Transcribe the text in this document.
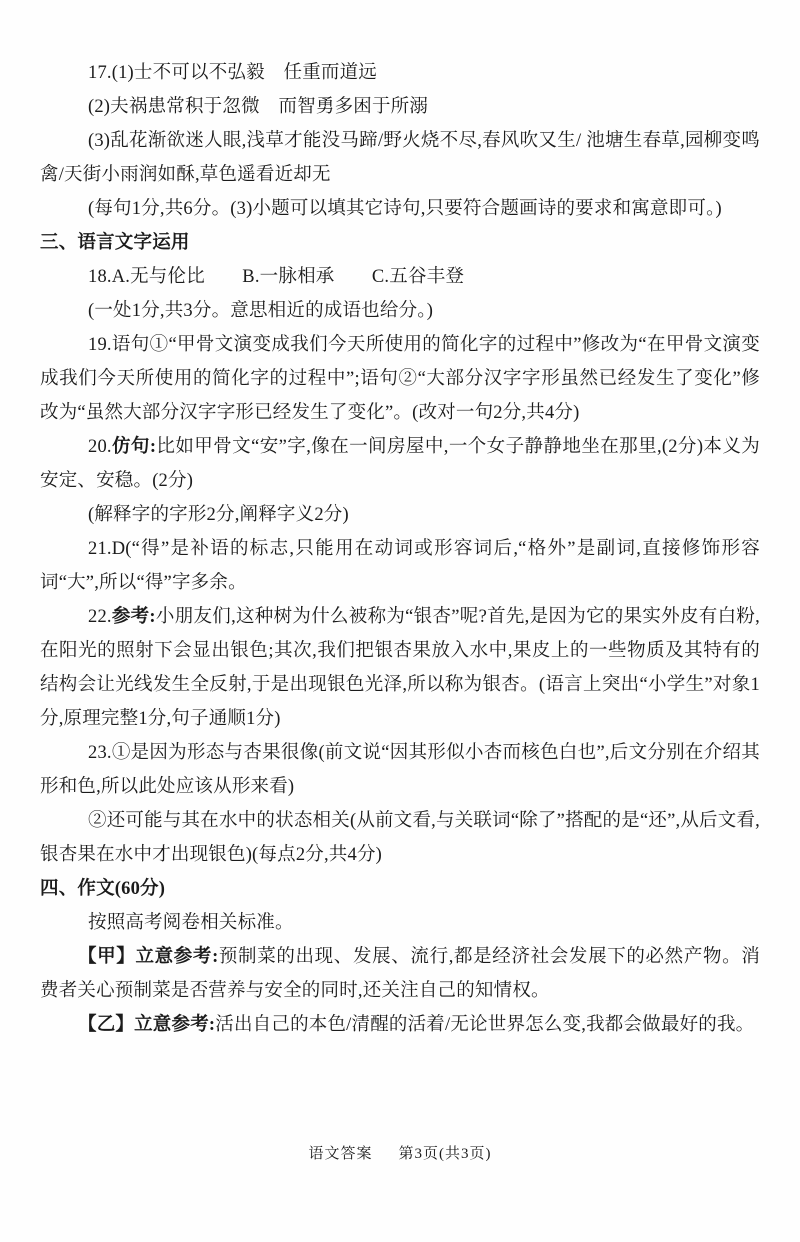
17.(1)士不可以不弘毅　任重而道远

(2)夫祸患常积于忽微　而智勇多困于所溺

(3)乱花渐欲迷人眼,浅草才能没马蹄/野火烧不尽,春风吹又生/ 池塘生春草,园柳变鸣禽/天街小雨润如酥,草色遥看近却无

(每句1分,共6分。(3)小题可以填其它诗句,只要符合题画诗的要求和寓意即可。)

三、语言文字运用

18.A.无与伦比　　B.一脉相承　　C.五谷丰登

(一处1分,共3分。意思相近的成语也给分。)

19.语句①“甲骨文演变成我们今天所使用的简化字的过程中”修改为“在甲骨文演变成我们今天所使用的简化字的过程中”;语句②“大部分汉字字形虽然已经发生了变化”修改为“虽然大部分汉字字形已经发生了变化”。(改对一句2分,共4分)

20.仿句:比如甲骨文“安”字,像在一间房屋中,一个女子静静地坐在那里,(2分)本义为安定、安稳。(2分)

(解释字的字形2分,阐释字义2分)

21.D(“得”是补语的标志,只能用在动词或形容词后,“格外”是副词,直接修饰形容词“大”,所以“得”字多余。

22.参考:小朋友们,这种树为什么被称为“银杏”呢?首先,是因为它的果实外皮有白粉,在阳光的照射下会显出银色;其次,我们把银杏果放入水中,果皮上的一些物质及其特有的结构会让光线发生全反射,于是出现银色光泽,所以称为银杏。(语言上突出“小学生”对象1分,原理完整1分,句子通顺1分)

23.①是因为形态与杏果很像(前文说“因其形似小杏而核色白也”,后文分别在介绍其形和色,所以此处应该从形来看)

②还可能与其在水中的状态相关(从前文看,与关联词“除了”搭配的是“还”,从后文看,银杏果在水中才出现银色)(每点2分,共4分)

四、作文(60分)

按照高考阅卷相关标准。

【甲】立意参考:预制菜的出现、发展、流行,都是经济社会发展下的必然产物。消费者关心预制菜是否营养与安全的同时,还关注自己的知情权。

【乙】立意参考:活出自己的本色/清醒的活着/无论世界怎么变,我都会做最好的我。

语文答案 第3页(共3页)
